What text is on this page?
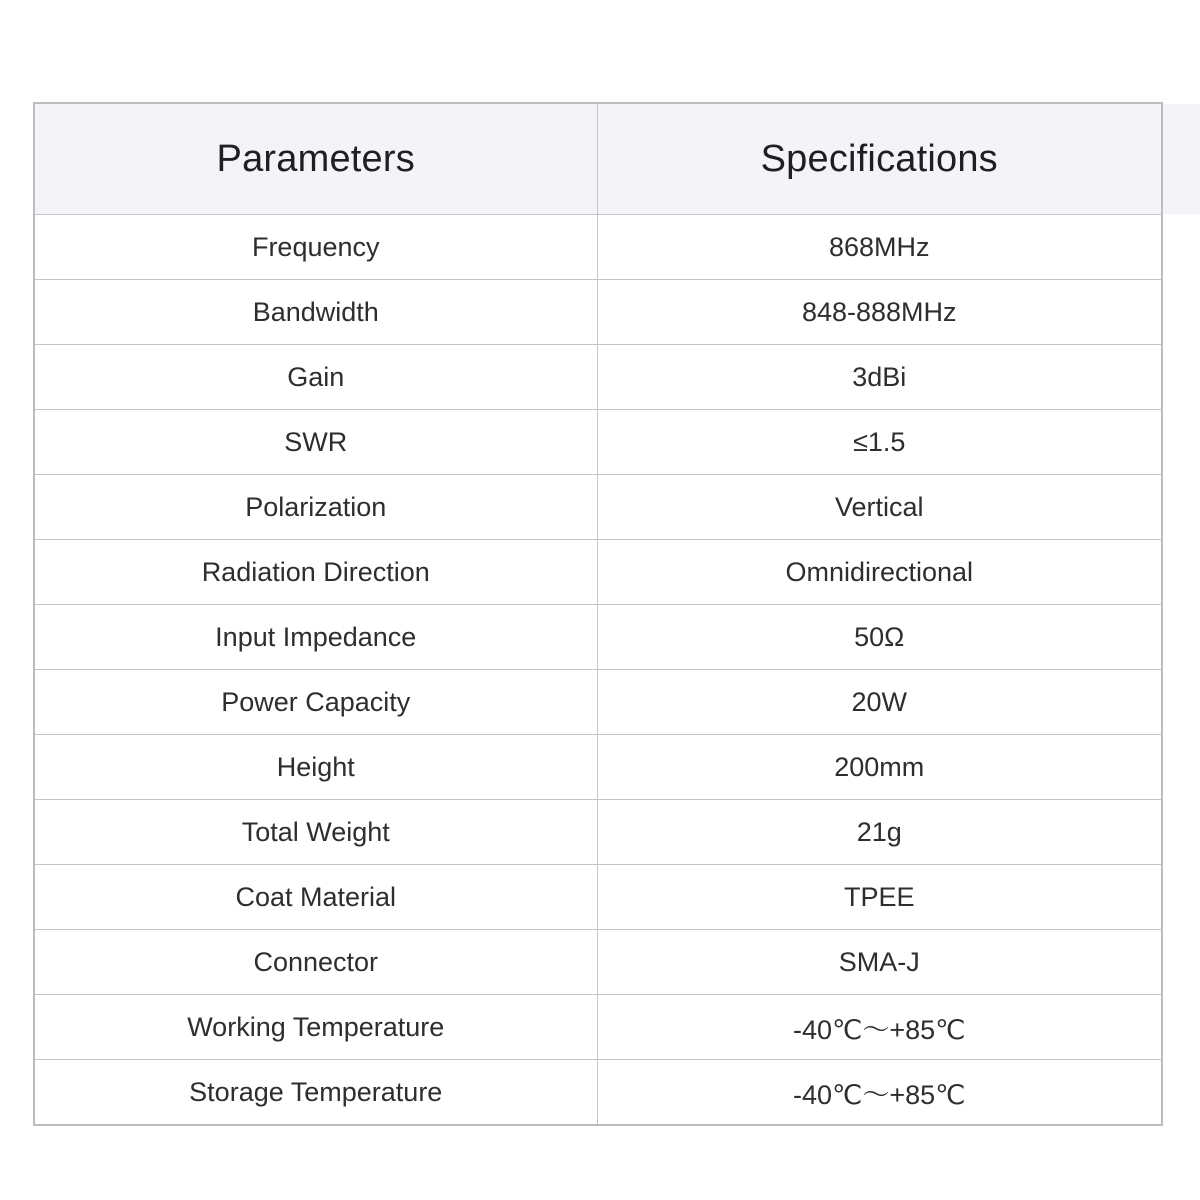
Parameters	Specifications
Frequency	868MHz
Bandwidth	848-888MHz
Gain	3dBi
SWR	≤1.5
Polarization	Vertical
Radiation Direction	Omnidirectional
Input Impedance	50Ω
Power Capacity	20W
Height	200mm
Total Weight	21g
Coat Material	TPEE
Connector	SMA-J
Working Temperature	-40℃～+85℃
Storage Temperature	-40℃～+85℃
